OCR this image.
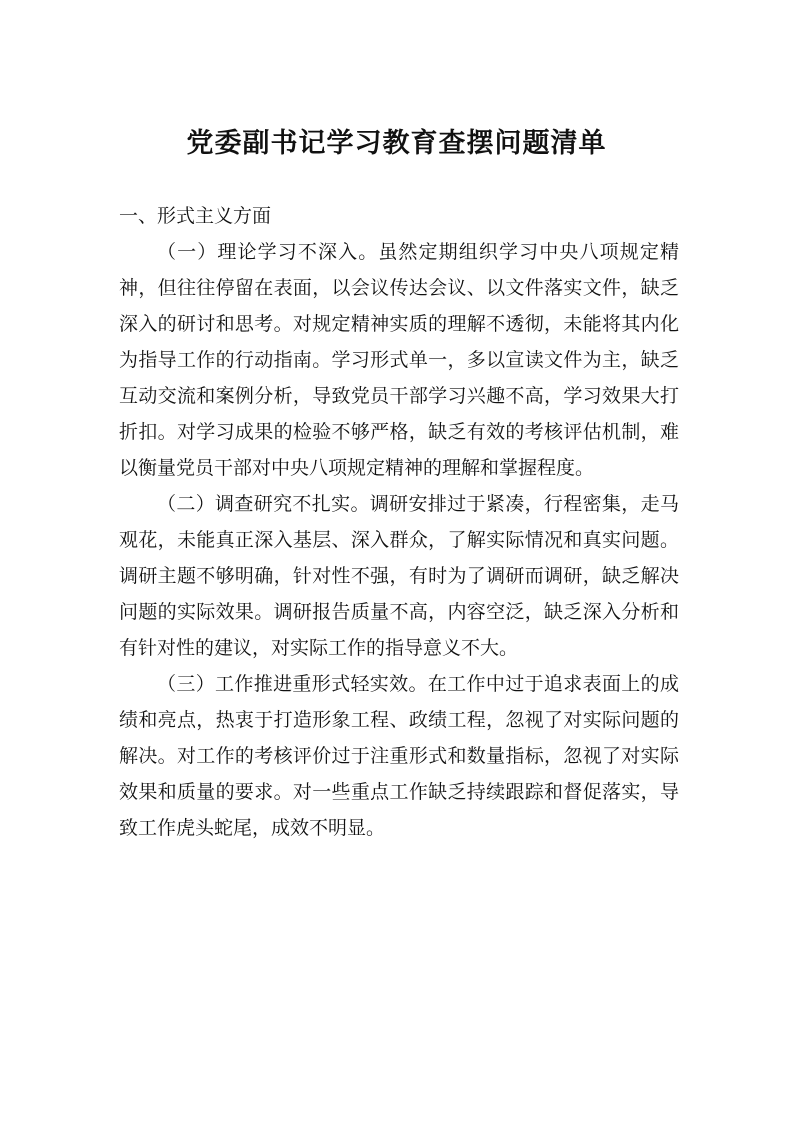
党委副书记学习教育查摆问题清单
一、形式主义方面

（一）理论学习不深入。虽然定期组织学习中央八项规定精神，但往往停留在表面，以会议传达会议、以文件落实文件，缺乏深入的研讨和思考。对规定精神实质的理解不透彻，未能将其内化为指导工作的行动指南。学习形式单一，多以宣读文件为主，缺乏互动交流和案例分析，导致党员干部学习兴趣不高，学习效果大打折扣。对学习成果的检验不够严格，缺乏有效的考核评估机制，难以衡量党员干部对中央八项规定精神的理解和掌握程度。

（二）调查研究不扎实。调研安排过于紧凑，行程密集，走马观花，未能真正深入基层、深入群众，了解实际情况和真实问题。调研主题不够明确，针对性不强，有时为了调研而调研，缺乏解决问题的实际效果。调研报告质量不高，内容空泛，缺乏深入分析和有针对性的建议，对实际工作的指导意义不大。

（三）工作推进重形式轻实效。在工作中过于追求表面上的成绩和亮点，热衷于打造形象工程、政绩工程，忽视了对实际问题的解决。对工作的考核评价过于注重形式和数量指标，忽视了对实际效果和质量的要求。对一些重点工作缺乏持续跟踪和督促落实，导致工作虎头蛇尾，成效不明显。
